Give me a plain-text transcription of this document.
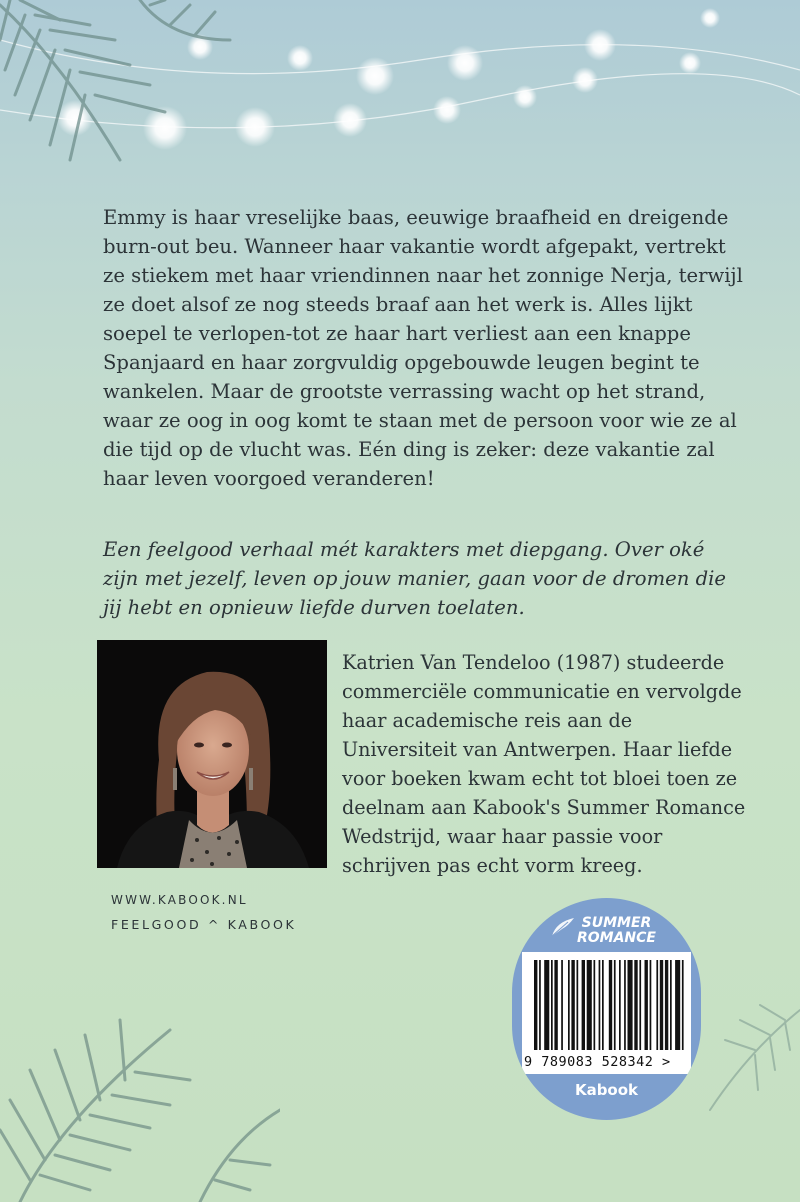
Emmy is haar vreselijke baas, eeuwige braafheid en dreigende burn-out beu. Wanneer haar vakantie wordt afgepakt, vertrekt ze stiekem met haar vriendinnen naar het zonnige Nerja, terwijl ze doet alsof ze nog steeds braaf aan het werk is. Alles lijkt soepel te verlopen-tot ze haar hart verliest aan een knappe Spanjaard en haar zorgvuldig opgebouwde leugen begint te wankelen. Maar de grootste verrassing wacht op het strand, waar ze oog in oog komt te staan met de persoon voor wie ze al die tijd op de vlucht was. Eén ding is zeker: deze vakantie zal haar leven voorgoed veranderen!

Een feelgood verhaal mét karakters met diepgang. Over oké zijn met jezelf, leven op jouw manier, gaan voor de dromen die jij hebt en opnieuw liefde durven toelaten.

Katrien Van Tendeloo (1987) studeerde commerciële communicatie en vervolgde haar academische reis aan de Universiteit van Antwerpen. Haar liefde voor boeken kwam echt tot bloei toen ze deelnam aan Kabook's Summer Romance Wedstrijd, waar haar passie voor schrijven pas echt vorm kreeg.

WWW.KABOOK.NL
FEELGOOD ^ KABOOK	SUMMER
ROMANCE
9 789083 528342 >
Kabook
